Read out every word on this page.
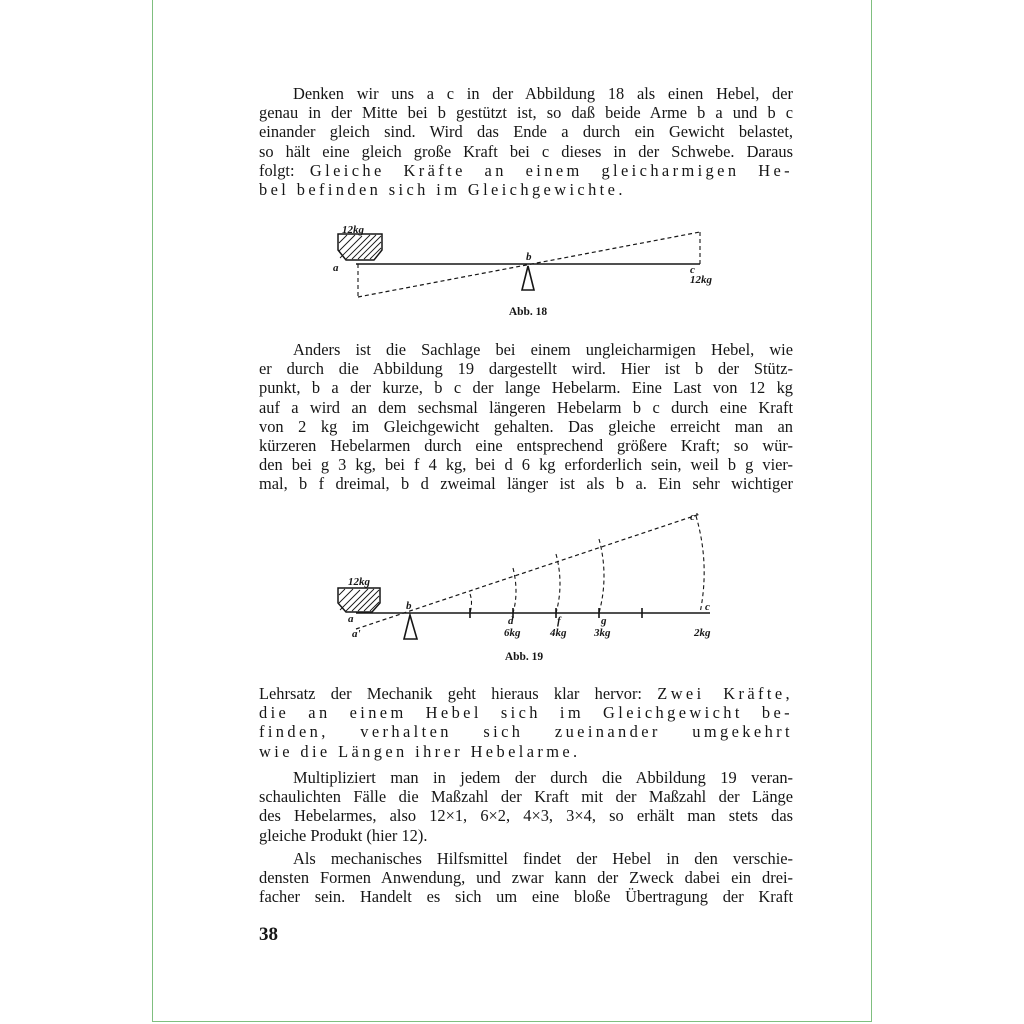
Denken wir uns a c in der Abbildung 18 als einen Hebel, der
genau in der Mitte bei b gestützt ist, so daß beide Arme b a und b c
einander gleich sind. Wird das Ende a durch ein Gewicht belastet,
so hält eine gleich große Kraft bei c dieses in der Schwebe. Daraus
folgt: Gleiche Kräfte an einem gleicharmigen He-
bel befinden sich im Gleichgewichte.

12kg
a
b
c
12kg
Abb. 18

Anders ist die Sachlage bei einem ungleicharmigen Hebel, wie
er durch die Abbildung 19 dargestellt wird. Hier ist b der Stütz-
punkt, b a der kurze, b c der lange Hebelarm. Eine Last von 12 kg
auf a wird an dem sechsmal längeren Hebelarm b c durch eine Kraft
von 2 kg im Gleichgewicht gehalten. Das gleiche erreicht man an
kürzeren Hebelarmen durch eine entsprechend größere Kraft; so wür-
den bei g 3 kg, bei f 4 kg, bei d 6 kg erforderlich sein, weil b g vier-
mal, b f dreimal, b d zweimal länger ist als b a. Ein sehr wichtiger

12kg
a
a'
b
d	f	g
c
c'
6kg	4kg	3kg	2kg
Abb. 19

Lehrsatz der Mechanik geht hieraus klar hervor: Zwei Kräfte,
die an einem Hebel sich im Gleichgewicht be-
finden, verhalten sich zueinander umgekehrt
wie die Längen ihrer Hebelarme.

Multipliziert man in jedem der durch die Abbildung 19 veran-
schaulichten Fälle die Maßzahl der Kraft mit der Maßzahl der Länge
des Hebelarmes, also 12×1, 6×2, 4×3, 3×4, so erhält man stets das
gleiche Produkt (hier 12).

Als mechanisches Hilfsmittel findet der Hebel in den verschie-
densten Formen Anwendung, und zwar kann der Zweck dabei ein drei-
facher sein. Handelt es sich um eine bloße Übertragung der Kraft

38
